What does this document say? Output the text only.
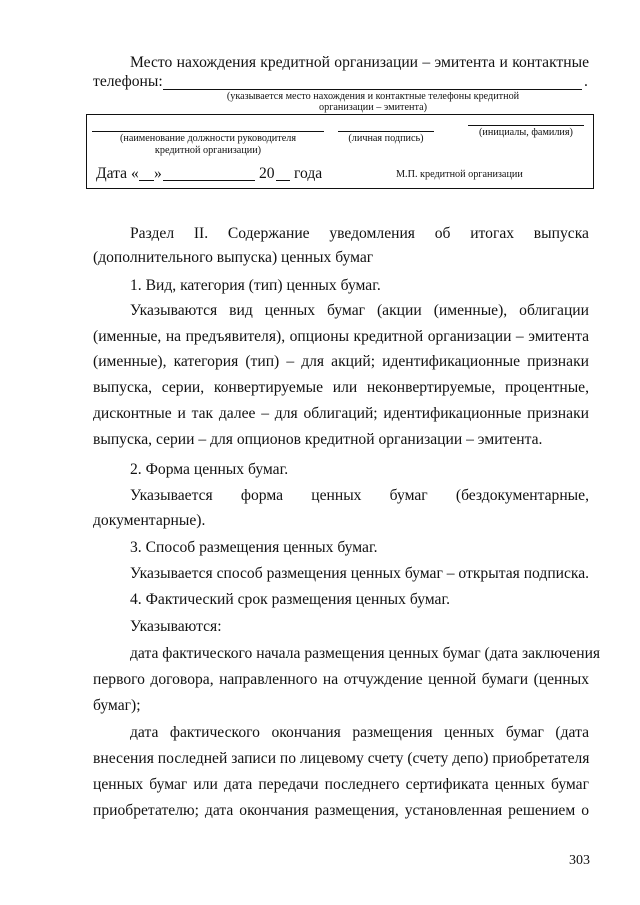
Место нахождения кредитной организации – эмитента и контактные
телефоны:	.
(указывается место нахождения и контактные телефоны кредитной
организации – эмитента)
(наименование должности руководителя
кредитной организации)
(личная подпись)
(инициалы, фамилия)
Дата « »	20 года	М.П. кредитной организации
Раздел II. Содержание уведомления об итогах выпуска
(дополнительного выпуска) ценных бумаг
1. Вид, категория (тип) ценных бумаг.
Указываются вид ценных бумаг (акции (именные), облигации
(именные, на предъявителя), опционы кредитной организации – эмитента
(именные), категория (тип) – для акций; идентификационные признаки
выпуска, серии, конвертируемые или неконвертируемые, процентные,
дисконтные и так далее – для облигаций; идентификационные признаки
выпуска, серии – для опционов кредитной организации – эмитента.
2. Форма ценных бумаг.
Указывается форма ценных бумаг (бездокументарные,
документарные).
3. Способ размещения ценных бумаг.
Указывается способ размещения ценных бумаг – открытая подписка.
4. Фактический срок размещения ценных бумаг.
Указываются:
дата фактического начала размещения ценных бумаг (дата заключения
первого договора, направленного на отчуждение ценной бумаги (ценных
бумаг);
дата фактического окончания размещения ценных бумаг (дата
внесения последней записи по лицевому счету (счету депо) приобретателя
ценных бумаг или дата передачи последнего сертификата ценных бумаг
приобретателю; дата окончания размещения, установленная решением о
303
